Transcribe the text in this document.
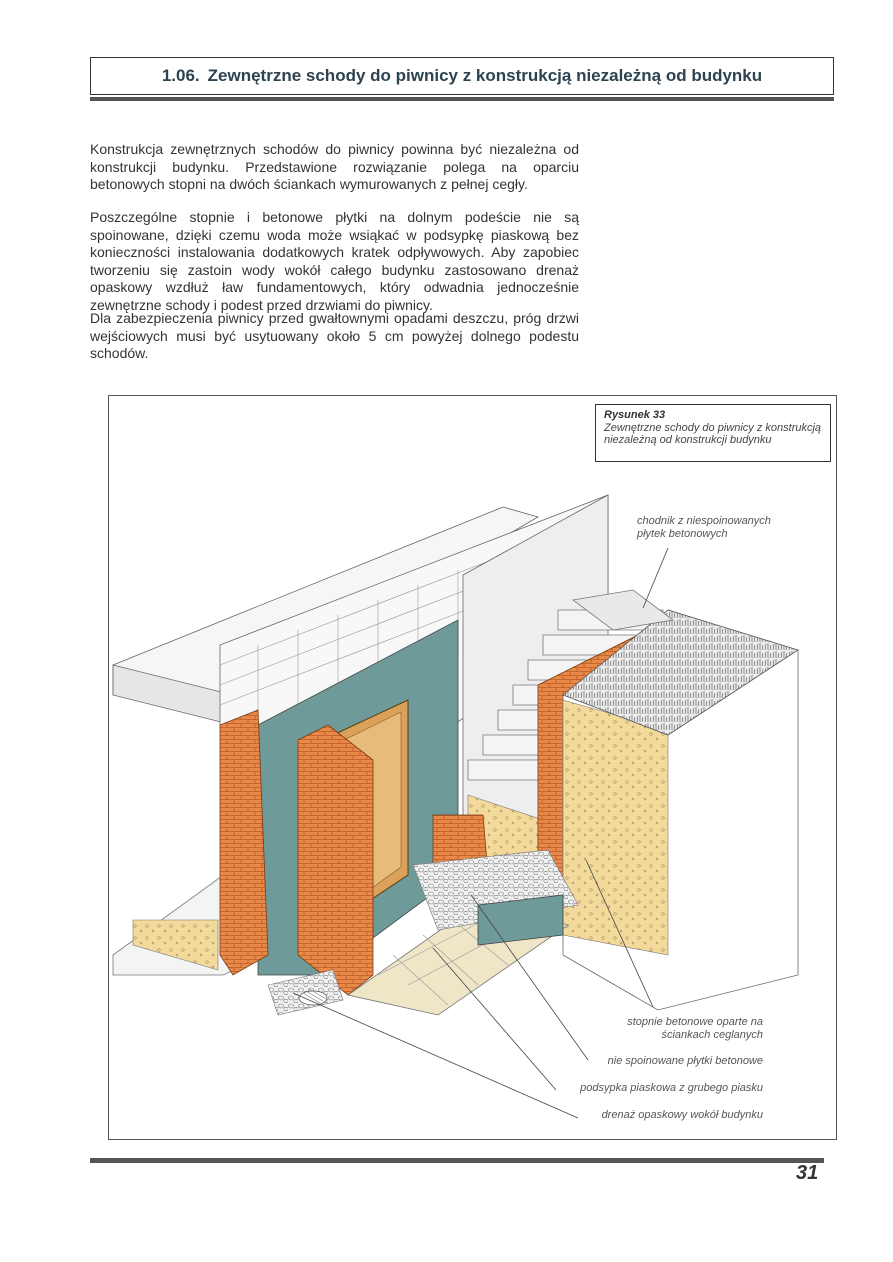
1.06. Zewnętrzne schody do piwnicy z konstrukcją niezależną od budynku

Konstrukcja zewnętrznych schodów do piwnicy powinna być niezależna od konstrukcji budynku. Przedstawione rozwiązanie polega na oparciu betonowych stopni na dwóch ściankach wymurowanych z pełnej cegły.

Poszczególne stopnie i betonowe płytki na dolnym podeście nie są spoinowane, dzięki czemu woda może wsiąkać w podsypkę piaskową bez konieczności instalowania dodatkowych kratek odpływowych. Aby zapobiec tworzeniu się zastoin wody wokół całego budynku zastosowano drenaż opaskowy wzdłuż ław fundamentowych, który odwadnia jednocześnie zewnętrzne schody i podest przed drzwiami do piwnicy.

Dla zabezpieczenia piwnicy przed gwałtownymi opadami deszczu, próg drzwi wejściowych musi być usytuowany około 5 cm powyżej dolnego podestu schodów.

Rysunek 33
Zewnętrzne schody do piwnicy z konstrukcją niezależną od konstrukcji budynku
chodnik z niespoinowanych płytek betonowych
stopnie betonowe oparte na ściankach ceglanych
nie spoinowane płytki betonowe
podsypka piaskowa z grubego piasku
drenaż opaskowy wokół budynku
31
